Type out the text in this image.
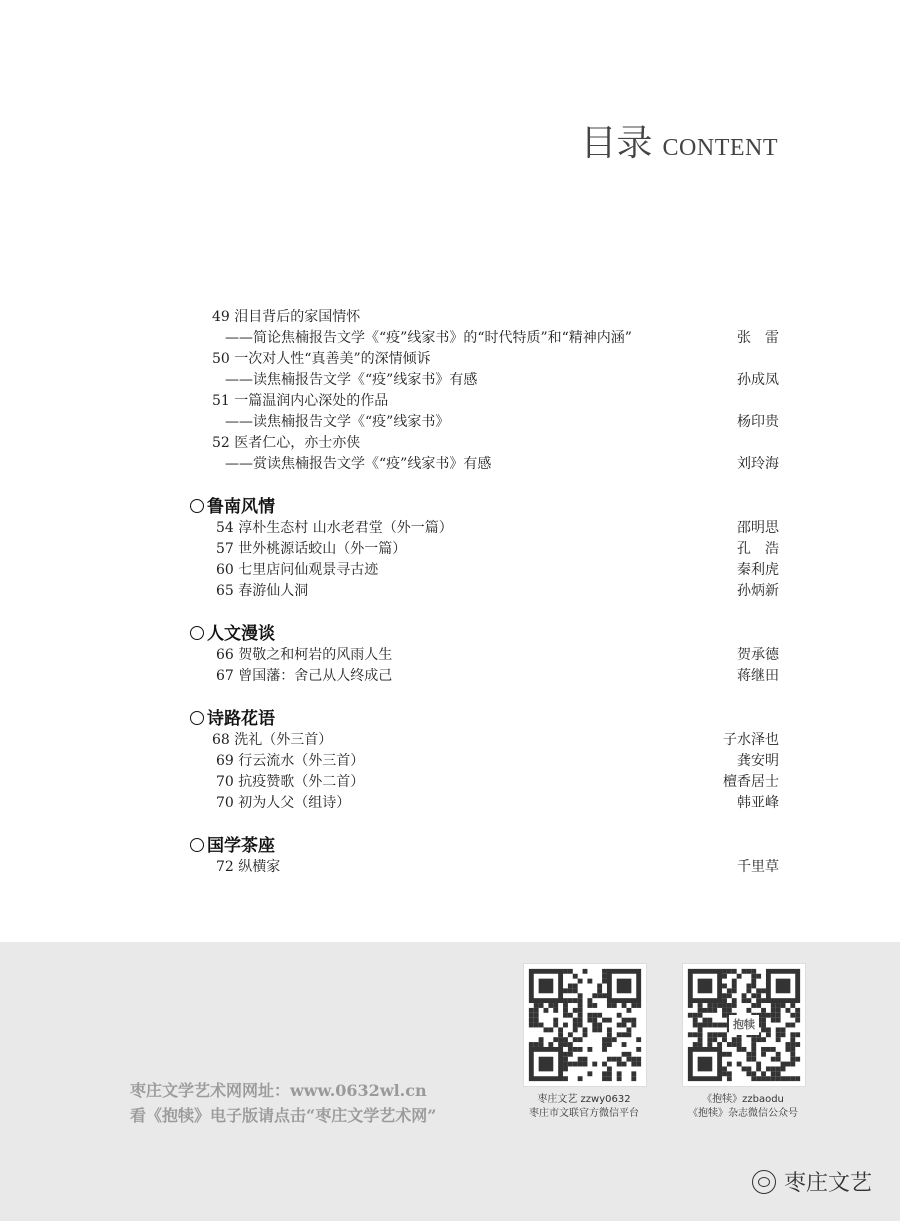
目录 CONTENT
49 泪目背后的家国情怀
——简论焦楠报告文学《“疫”线家书》的“时代特质”和“精神内涵”	张　雷
50 一次对人性“真善美”的深情倾诉
——读焦楠报告文学《“疫”线家书》有感	孙成凤
51 一篇温润内心深处的作品
——读焦楠报告文学《“疫”线家书》	杨印贵
52 医者仁心，亦士亦侠
——赏读焦楠报告文学《“疫”线家书》有感	刘玲海
鲁南风情
54 淳朴生态村 山水老君堂（外一篇）	邵明思
57 世外桃源话蛟山（外一篇）	孔　浩
60 七里店问仙观景寻古迹	秦利虎
65 春游仙人洞	孙炳新
人文漫谈
66 贺敬之和柯岩的风雨人生	贺承德
67 曾国藩：舍己从人终成己	蒋继田
诗路花语
68 洗礼（外三首）	子水泽也
69 行云流水（外三首）	龚安明
70 抗疫赞歌（外二首）	檀香居士
70 初为人父（组诗）	韩亚峰
国学茶座
72 纵横家	千里草
枣庄文学艺术网网址：www.0632wl.cn
看《抱犊》电子版请点击“枣庄文学艺术网”
枣庄文艺 zzwy0632
枣庄市文联官方微信平台
抱犊
《抱犊》zzbaodu
《抱犊》杂志微信公众号
枣庄文艺
